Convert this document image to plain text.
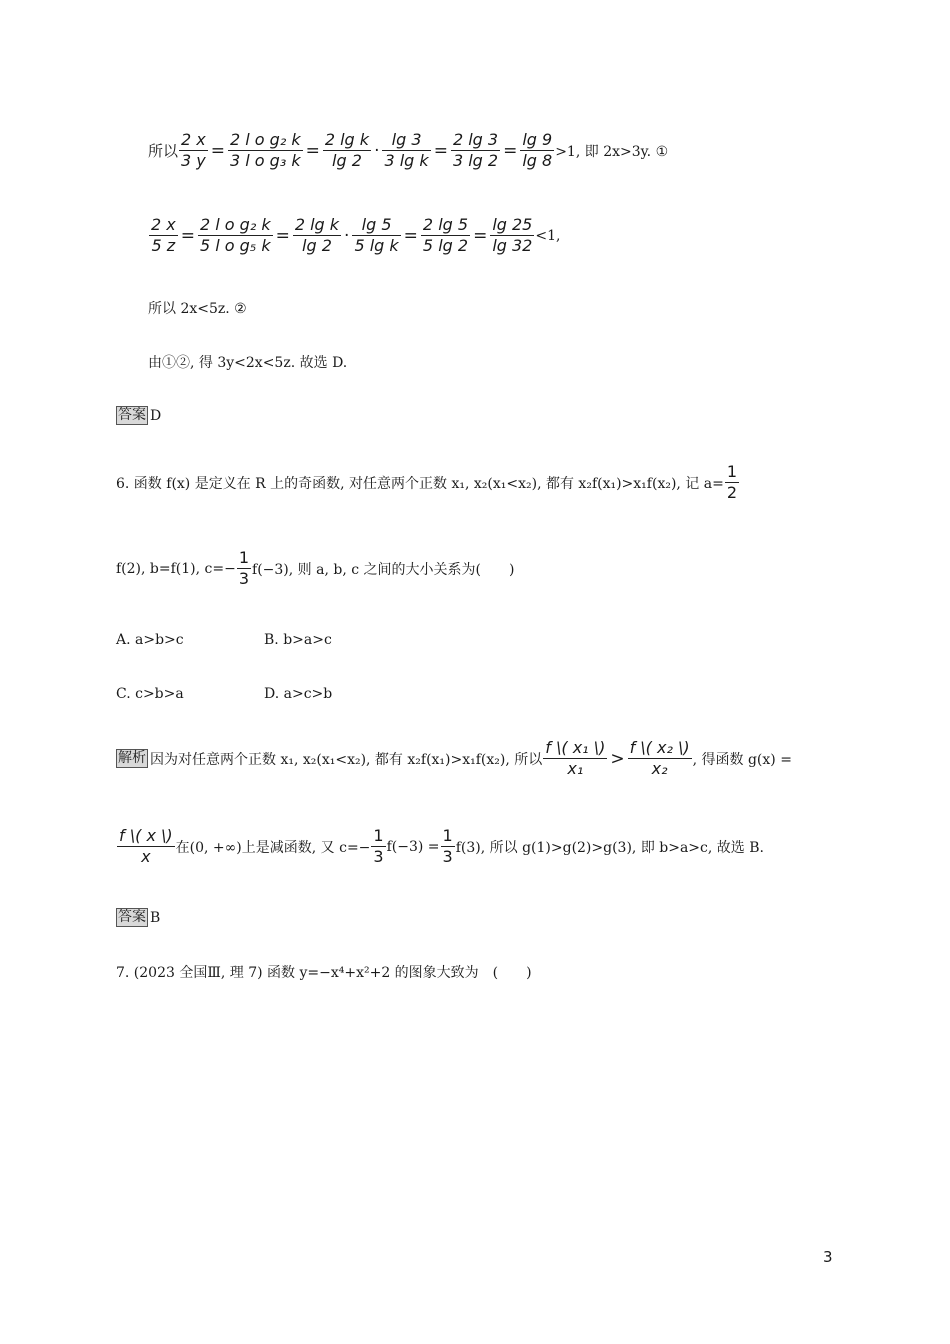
所以 $\frac{2 x}{3 y} = \frac{\text{2 l o g₂ k}}{\text{3 l o g₃ k}} = \frac{\text{2 lg k}}{\lg 2} \cdot \frac{\lg 3}{\text{3 lg k}} = \frac{2 \lg 3}{3 \lg 2} = \frac{\lg 9}{\lg 8} >1$, 即 2x>3y. ①
$\frac{2 x}{5 z} = \frac{\text{2 l o g₂ k}}{\text{5 l o g₅ k}} = \frac{\text{2 lg k}}{\lg 2} \cdot \frac{\lg 5}{\text{5 lg k}} = \frac{2 \lg 5}{5 \lg 2} = \frac{\lg 25}{\lg 32} <1$,
所以 2x<5z. ②
由①②, 得 3y<2x<5z. 故选 D.
答案 D
6. 函数 f(x) 是定义在 R 上的奇函数, 对任意两个正数 x₁, x₂(x₁<x₂), 都有 x₂f(x₁)>x₁f(x₂), 记 $a= \frac{1}{2}$
f(2), b=f(1), $c=- \frac{1}{3} f(-3)$, 则 a, b, c 之间的大小关系为(　　)
A. a>b>c	B. b>a>c
C. c>b>a	D. a>c>b
解析 因为对任意两个正数 x₁, x₂(x₁<x₂), 都有 x₂f(x₁)>x₁f(x₂), 所以 $\frac{\text{f \textbackslash{}( x₁ \textbackslash{})}}{\text{x₁}} > \frac{\text{f \textbackslash{}( x₂ \textbackslash{})}}{\text{x₂}}$ , 得函数 g(x) =
$\frac{f \backslash( x \backslash)}{x}$ 在(0, +∞)上是减函数, 又 $c=- \frac{1}{3} f(-3) = \frac{1}{3} f(3)$, 所以 g(1)>g(2)>g(3), 即 b>a>c, 故选 B.
答案 B
7. (2023 全国Ⅲ, 理 7) 函数 y=−x⁴+x²+2 的图象大致为　(　　)
3
